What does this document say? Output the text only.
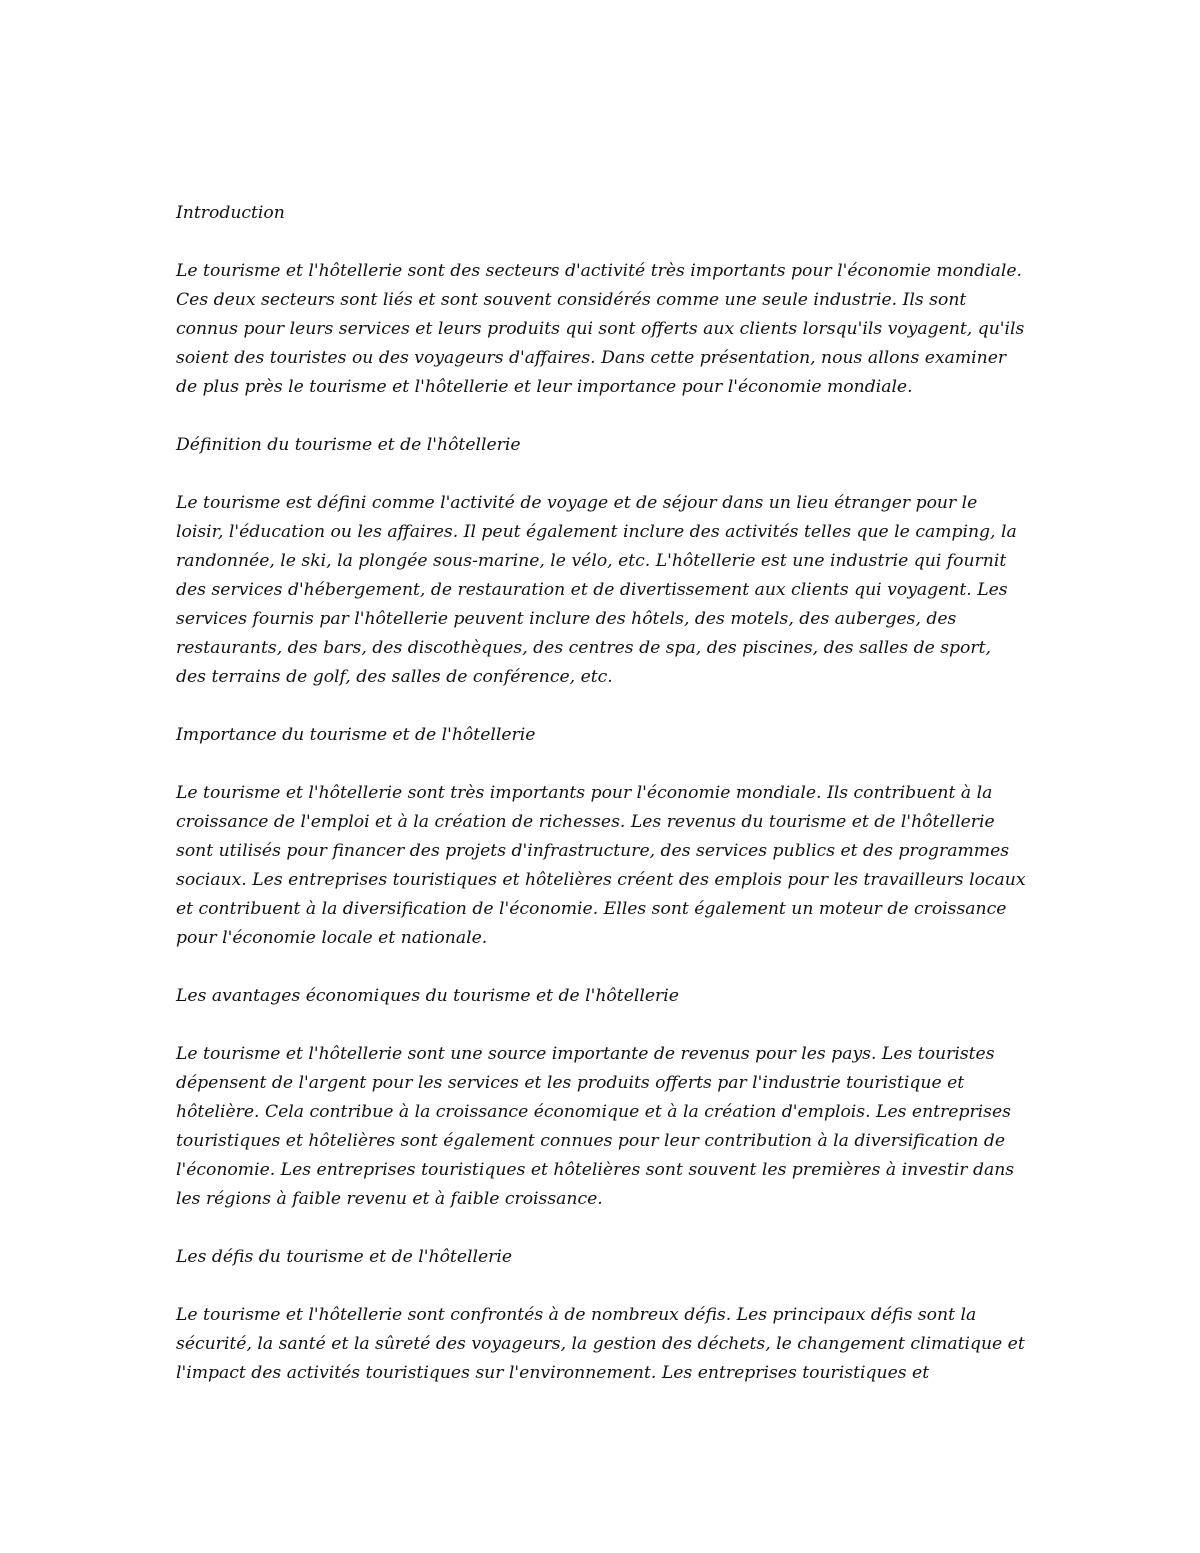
Introduction

Le tourisme et l'hôtellerie sont des secteurs d'activité très importants pour l'économie mondiale. Ces deux secteurs sont liés et sont souvent considérés comme une seule industrie. Ils sont connus pour leurs services et leurs produits qui sont offerts aux clients lorsqu'ils voyagent, qu'ils soient des touristes ou des voyageurs d'affaires. Dans cette présentation, nous allons examiner de plus près le tourisme et l'hôtellerie et leur importance pour l'économie mondiale.

Définition du tourisme et de l'hôtellerie

Le tourisme est défini comme l'activité de voyage et de séjour dans un lieu étranger pour le loisir, l'éducation ou les affaires. Il peut également inclure des activités telles que le camping, la randonnée, le ski, la plongée sous-marine, le vélo, etc. L'hôtellerie est une industrie qui fournit des services d'hébergement, de restauration et de divertissement aux clients qui voyagent. Les services fournis par l'hôtellerie peuvent inclure des hôtels, des motels, des auberges, des restaurants, des bars, des discothèques, des centres de spa, des piscines, des salles de sport, des terrains de golf, des salles de conférence, etc.

Importance du tourisme et de l'hôtellerie

Le tourisme et l'hôtellerie sont très importants pour l'économie mondiale. Ils contribuent à la croissance de l'emploi et à la création de richesses. Les revenus du tourisme et de l'hôtellerie sont utilisés pour financer des projets d'infrastructure, des services publics et des programmes sociaux. Les entreprises touristiques et hôtelières créent des emplois pour les travailleurs locaux et contribuent à la diversification de l'économie. Elles sont également un moteur de croissance pour l'économie locale et nationale.

Les avantages économiques du tourisme et de l'hôtellerie

Le tourisme et l'hôtellerie sont une source importante de revenus pour les pays. Les touristes dépensent de l'argent pour les services et les produits offerts par l'industrie touristique et hôtelière. Cela contribue à la croissance économique et à la création d'emplois. Les entreprises touristiques et hôtelières sont également connues pour leur contribution à la diversification de l'économie. Les entreprises touristiques et hôtelières sont souvent les premières à investir dans les régions à faible revenu et à faible croissance.

Les défis du tourisme et de l'hôtellerie

Le tourisme et l'hôtellerie sont confrontés à de nombreux défis. Les principaux défis sont la sécurité, la santé et la sûreté des voyageurs, la gestion des déchets, le changement climatique et l'impact des activités touristiques sur l'environnement. Les entreprises touristiques et
